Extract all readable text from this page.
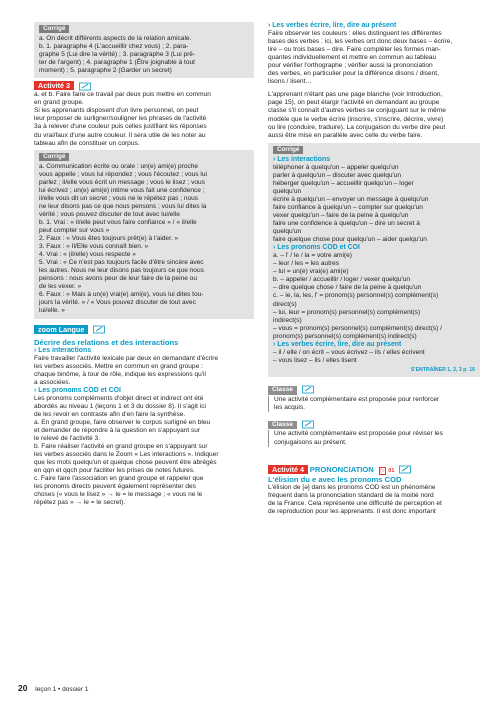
Corrigé

a. On décrit différents aspects de la relation amicale.

b. 1. paragraphe 4 (L'accueillir chez vous) ; 2. para-

graphe 5 (Lui dire la vérité) ; 3. paragraphe 3 (Lui prê-

ter de l'argent) ; 4. paragraphe 1 (Être joignable à tout

moment) ; 5. paragraphe 2 (Garder un secret)

Activité 3

a. et b. Faire faire ce travail par deux puis mettre en commun

en grand groupe.

Si les apprenants disposent d'un livre personnel, on peut

leur proposer de surligner/souligner les phrases de l'activité

3a à relever d'une couleur puis celles justifiant les réponses

du vrai/faux d'une autre couleur. Il sera utile de les noter au

tableau afin de constituer un corpus.

Corrigé

a. Communication écrite ou orale : un(e) ami(e) proche

vous appelle ; vous lui répondez ; vous l'écoutez ; vous lui

parlez ; il/elle vous écrit un message ; vous le lisez ; vous

lui écrivez ; un(e) ami(e) intime vous fait une confidence ;

il/elle vous dit un secret ; vous ne le répétez pas ; nous

ne leur disons pas ce que nous pensons ; vous lui dites la

vérité ; vous pouvez discuter de tout avec lui/elle

b. 1. Vrai : « il/elle peut vous faire confiance » / « il/elle

peut compter sur vous »

2. Faux : « Vous êtes toujours prêt(e) à l'aider. »

3. Faux : « Il/Elle vous connaît bien. »

4. Vrai : « (il/elle) vous respecte »

5. Vrai : « Ce n'est pas toujours facile d'être sincère avec

les autres. Nous ne leur disons pas toujours ce que nous

pensons : nous avons peur de leur faire de la peine ou

de les vexer. »

6. Faux : « Mais à un(e) vrai(e) ami(e), vous lui dites tou-

jours la vérité. » / « Vous pouvez discuter de tout avec

lui/elle. »

zoom Langue
Décrire des relations et des interactions
› Les interactions

Faire travailler l'activité lexicale par deux en demandant d'écrire

les verbes associés. Mettre en commun en grand groupe :

chaque binôme, à tour de rôle, indique les expressions qu'il

a associées.

› Les pronoms COD et COI

Les pronoms compléments d'objet direct et indirect ont été

abordés au niveau 1 (leçons 1 et 3 du dossier 8). Il s'agit ici

de les revoir en contraste afin d'en faire la synthèse.

a. En grand groupe, faire observer le corpus surligné en bleu

et demander de répondre à la question en s'appuyant sur

le relevé de l'activité 3.

b. Faire réaliser l'activité en grand groupe en s'appuyant sur

les verbes associés dans le Zoom « Les interactions ». Indiquer

que les mots quelqu'un et quelque chose peuvent être abrégés

en qqn et qqch pour faciliter les prises de notes futures.

c. Faire faire l'association en grand groupe et rappeler que

les pronoms directs peuvent également représenter des

choses (« vous le lisez » → le = le message ; « vous ne le

répétez pas » → le = le secret).

› Les verbes écrire, lire, dire au présent

Faire observer les couleurs : elles distinguent les différentes

bases des verbes : ici, les verbes ont donc deux bases – écrire,

lire – ou trois bases – dire. Faire compléter les formes man-

quantes individuellement et mettre en commun au tableau

pour vérifier l'orthographe ; vérifier aussi la prononciation

des verbes, en particulier pour la différence disons / disent,

lisons / lisent…

L'apprenant n'étant pas une page blanche (voir Introduction,

page 15), on peut élargir l'activité en demandant au groupe

classe s'il connaît d'autres verbes se conjuguant sur le même

modèle que le verbe écrire (inscrire, s'inscrire, décrire, vivre)

ou lire (conduire, traduire). La conjugaison du verbe dire peut

aussi être mise en parallèle avec celle du verbe faire.

Corrigé
› Les interactions

téléphoner à quelqu'un – appeler quelqu'un

parler à quelqu'un – discuter avec quelqu'un

héberger quelqu'un – accueillir quelqu'un – loger

quelqu'un

écrire à quelqu'un – envoyer un message à quelqu'un

faire confiance à quelqu'un – compter sur quelqu'un

vexer quelqu'un – faire de la peine à quelqu'un

faire une confidence à quelqu'un – dire un secret à

quelqu'un

faire quelque chose pour quelqu'un – aider quelqu'un

› Les pronoms COD et COI

a. – l' / le / la = votre ami(e)

– leur / les = les autres

– lui = un(e) vrai(e) ami(e)

b. – appeler / accueillir / loger / vexer quelqu'un

– dire quelque chose / faire de la peine à quelqu'un

c. – le, la, les, l' = pronom(s) personnel(s) complément(s)

direct(s)

– lui, leur = pronom(s) personnel(s) complément(s)

indirect(s)

– vous = pronom(s) personnel(s) complément(s) direct(s) /

pronom(s) personnel(s) complément(s) indirect(s)

› Les verbes écrire, lire, dire au présent

– il / elle / on écrit – vous écrivez – ils / elles écrivent

– vous lisez – ils / elles lisent

S'ENTRAÎNER 1, 2, 3 p. 16
Classe

Une activité complémentaire est proposée pour renforcer

les acquis.

Classe

Une activité complémentaire est proposée pour réviser les

conjugaisons au présent.

Activité 4 PRONONCIATION ▷ 01
L'élision du e avec les pronoms COD

L'élision de [ə] dans les pronoms COD est un phénomène

fréquent dans la prononciation standard de la moitié nord

de la France. Cela représente une difficulté de perception et

de reproduction pour les apprenants. Il est donc important

20 leçon 1 • dossier 1
